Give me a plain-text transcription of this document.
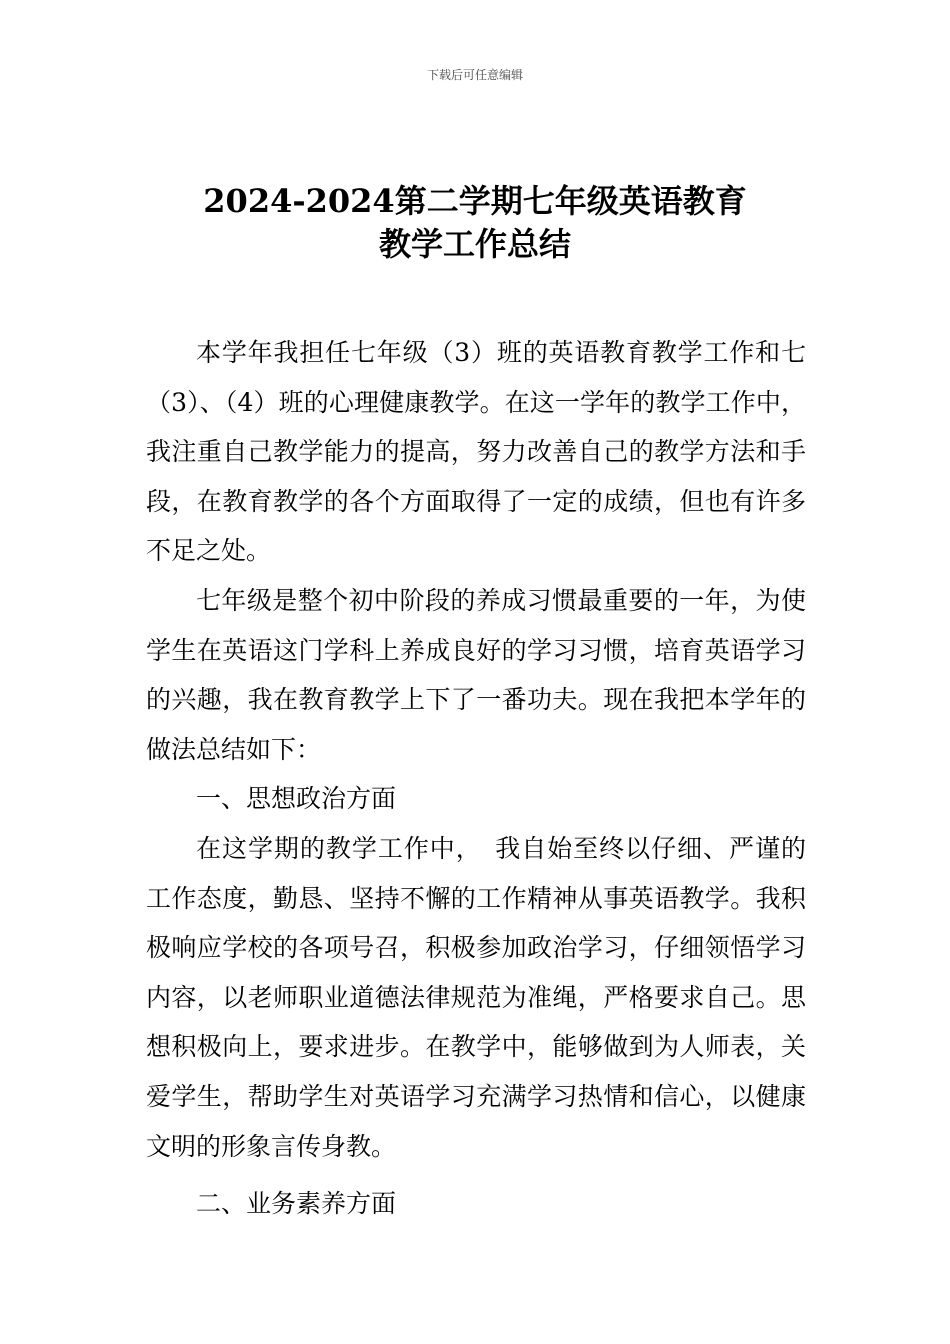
下载后可任意编辑
2024-2024第二学期七年级英语教育
教学工作总结

本学年我担任七年级（3）班的英语教育教学工作和七（3）、（4）班的心理健康教学。在这一学年的教学工作中，我注重自己教学能力的提高，努力改善自己的教学方法和手段，在教育教学的各个方面取得了一定的成绩，但也有许多不足之处。

七年级是整个初中阶段的养成习惯最重要的一年，为使学生在英语这门学科上养成良好的学习习惯，培育英语学习的兴趣，我在教育教学上下了一番功夫。现在我把本学年的做法总结如下：

一、思想政治方面

在这学期的教学工作中，　我自始至终以仔细、严谨的工作态度，勤恳、坚持不懈的工作精神从事英语教学。我积极响应学校的各项号召，积极参加政治学习，仔细领悟学习内容，以老师职业道德法律规范为准绳，严格要求自己。思想积极向上，要求进步。在教学中，能够做到为人师表，关爱学生，帮助学生对英语学习充满学习热情和信心，以健康文明的形象言传身教。

二、业务素养方面
